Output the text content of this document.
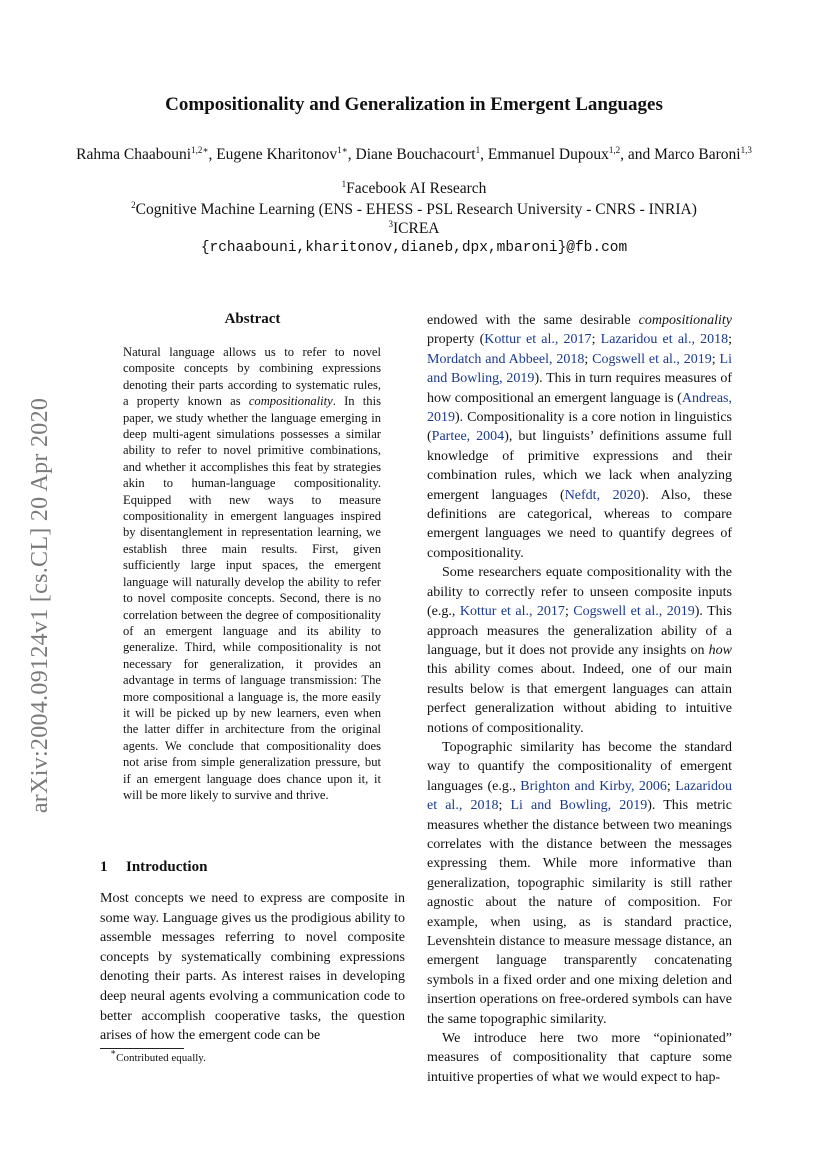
Compositionality and Generalization in Emergent Languages
Rahma Chaabouni$^{1,2∗}$, Eugene Kharitonov$^{1∗}$, Diane Bouchacourt$^1$, Emmanuel Dupoux$^{1,2}$, and Marco Baroni$^{1,3}$
$^1$Facebook AI Research
$^2$Cognitive Machine Learning (ENS - EHESS - PSL Research University - CNRS - INRIA)
$^3$ICREA
{rchaabouni,kharitonov,dianeb,dpx,mbaroni}@fb.com
arXiv:2004.09124v1 [cs.CL] 20 Apr 2020
Abstract
Natural language allows us to refer to novel composite concepts by combining expressions denoting their parts according to systematic rules, a property known as compositionality. In this paper, we study whether the language emerging in deep multi-agent simulations possesses a similar ability to refer to novel primitive combinations, and whether it accomplishes this feat by strategies akin to human-language compositionality. Equipped with new ways to measure compositionality in emergent languages inspired by disentanglement in representation learning, we establish three main results. First, given sufficiently large input spaces, the emergent language will naturally develop the ability to refer to novel composite concepts. Second, there is no correlation between the degree of compositionality of an emergent language and its ability to generalize. Third, while compositionality is not necessary for generalization, it provides an advantage in terms of language transmission: The more compositional a language is, the more easily it will be picked up by new learners, even when the latter differ in architecture from the original agents. We conclude that compositionality does not arise from simple generalization pressure, but if an emergent language does chance upon it, it will be more likely to survive and thrive.
1 Introduction
Most concepts we need to express are composite in some way. Language gives us the prodigious ability to assemble messages referring to novel composite concepts by systematically combining expressions denoting their parts. As interest raises in developing deep neural agents evolving a communication code to better accomplish cooperative tasks, the question arises of how the emergent code can be
∗Contributed equally.

endowed with the same desirable compositionality property (Kottur et al., 2017; Lazaridou et al., 2018; Mordatch and Abbeel, 2018; Cogswell et al., 2019; Li and Bowling, 2019). This in turn requires measures of how compositional an emergent language is (Andreas, 2019). Compositionality is a core notion in linguistics (Partee, 2004), but linguists’ definitions assume full knowledge of primitive expressions and their combination rules, which we lack when analyzing emergent languages (Nefdt, 2020). Also, these definitions are categorical, whereas to compare emergent languages we need to quantify degrees of compositionality.

Some researchers equate compositionality with the ability to correctly refer to unseen composite inputs (e.g., Kottur et al., 2017; Cogswell et al., 2019). This approach measures the generalization ability of a language, but it does not provide any insights on how this ability comes about. Indeed, one of our main results below is that emergent languages can attain perfect generalization without abiding to intuitive notions of compositionality.

Topographic similarity has become the standard way to quantify the compositionality of emergent languages (e.g., Brighton and Kirby, 2006; Lazaridou et al., 2018; Li and Bowling, 2019). This metric measures whether the distance between two meanings correlates with the distance between the messages expressing them. While more informative than generalization, topographic similarity is still rather agnostic about the nature of composition. For example, when using, as is standard practice, Levenshtein distance to measure message distance, an emergent language transparently concatenating symbols in a fixed order and one mixing deletion and insertion operations on free-ordered symbols can have the same topographic similarity.

We introduce here two more “opinionated” measures of compositionality that capture some intuitive properties of what we would expect to hap-
